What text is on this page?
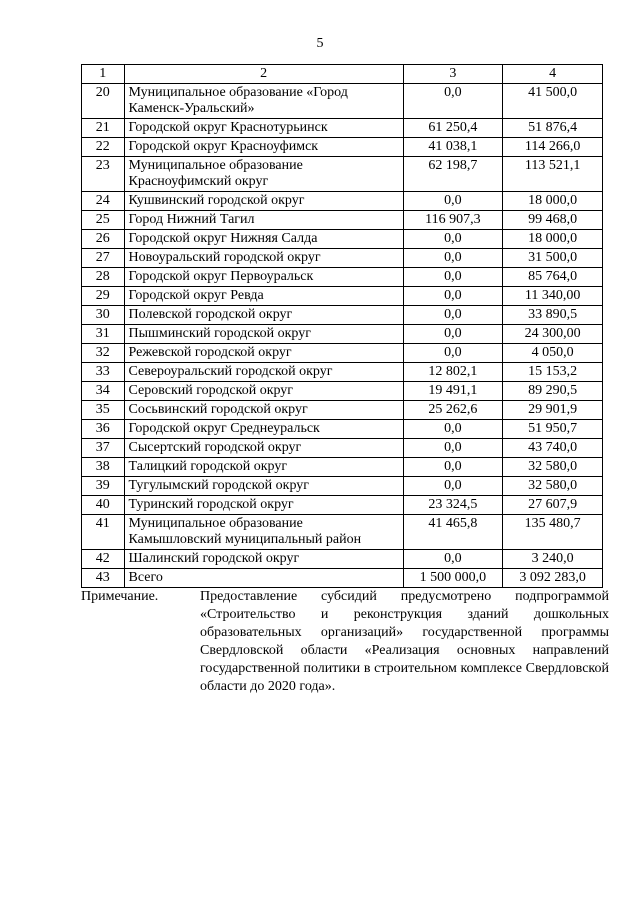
5
1	2	3	4
20	Муниципальное образование «Город Каменск-Уральский»	0,0	41 500,0
21	Городской округ Краснотурьинск	61 250,4	51 876,4
22	Городской округ Красноуфимск	41 038,1	114 266,0
23	Муниципальное образование Красноуфимский округ	62 198,7	113 521,1
24	Кушвинский городской округ	0,0	18 000,0
25	Город Нижний Тагил	116 907,3	99 468,0
26	Городской округ Нижняя Салда	0,0	18 000,0
27	Новоуральский городской округ	0,0	31 500,0
28	Городской округ Первоуральск	0,0	85 764,0
29	Городской округ Ревда	0,0	11 340,00
30	Полевской городской округ	0,0	33 890,5
31	Пышминский городской округ	0,0	24 300,00
32	Режевской городской округ	0,0	4 050,0
33	Североуральский городской округ	12 802,1	15 153,2
34	Серовский городской округ	19 491,1	89 290,5
35	Сосьвинский городской округ	25 262,6	29 901,9
36	Городской округ Среднеуральск	0,0	51 950,7
37	Сысертский городской округ	0,0	43 740,0
38	Талицкий городской округ	0,0	32 580,0
39	Тугулымский городской округ	0,0	32 580,0
40	Туринский городской округ	23 324,5	27 607,9
41	Муниципальное образование Камышловский муниципальный район	41 465,8	135 480,7
42	Шалинский городской округ	0,0	3 240,0
43	Всего	1 500 000,0	3 092 283,0
Примечание.	Предоставление субсидий предусмотрено подпрограммой «Строительство и реконструкция зданий дошкольных образовательных организаций» государственной программы Свердловской области «Реализация основных направлений государственной политики в строительном комплексе Свердловской области до 2020 года».
